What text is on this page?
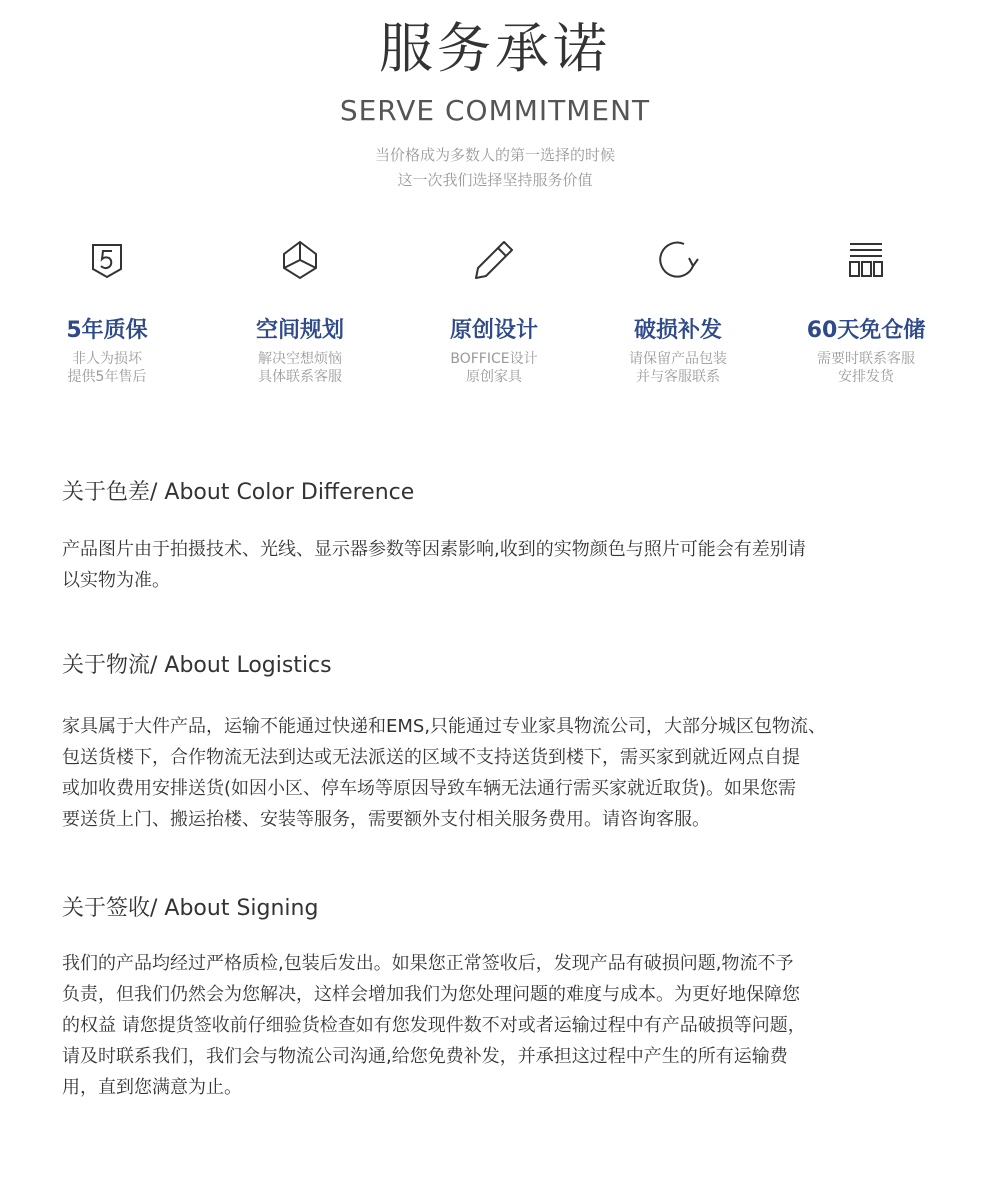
服务承诺
SERVE COMMITMENT
当价格成为多数人的第一选择的时候
这一次我们选择坚持服务价值
5年质保
非人为损坏
提供5年售后
空间规划
解决空想烦恼
具体联系客服
原创设计
BOFFICE设计
原创家具
破损补发
请保留产品包装
并与客服联系
60天免仓储
需要时联系客服
安排发货
关于色差/ About Color Difference
产品图片由于拍摄技术、光线、显示器参数等因素影响,收到的实物颜色与照片可能会有差别请
以实物为准。
关于物流/ About Logistics
家具属于大件产品，运输不能通过快递和EMS,只能通过专业家具物流公司，大部分城区包物流、
包送货楼下，合作物流无法到达或无法派送的区域不支持送货到楼下，需买家到就近网点自提
或加收费用安排送货(如因小区、停车场等原因导致车辆无法通行需买家就近取货)。如果您需
要送货上门、搬运抬楼、安装等服务，需要额外支付相关服务费用。请咨询客服。
关于签收/ About Signing
我们的产品均经过严格质检,包装后发出。如果您正常签收后，发现产品有破损问题,物流不予
负责，但我们仍然会为您解决，这样会增加我们为您处理问题的难度与成本。为更好地保障您
的权益 请您提货签收前仔细验货检查如有您发现件数不对或者运输过程中有产品破损等问题，
请及时联系我们，我们会与物流公司沟通,给您免费补发，并承担这过程中产生的所有运输费
用，直到您满意为止。
